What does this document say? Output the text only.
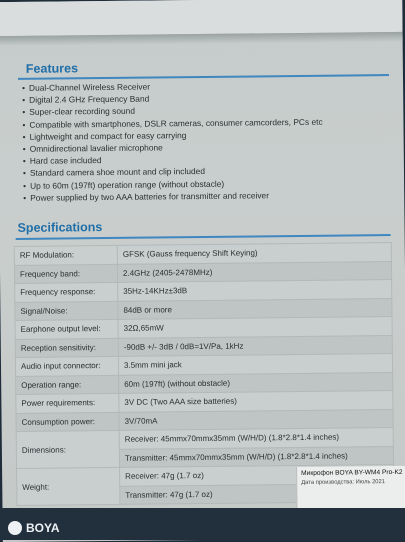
Features
• Dual-Channel Wireless Receiver
• Digital 2.4 GHz Frequency Band
• Super-clear recording sound
• Compatible with smartphones, DSLR cameras, consumer camcorders, PCs etc
• Lightweight and compact for easy carrying
• Omnidirectional lavalier microphone
• Hard case included
• Standard camera shoe mount and clip included
• Up to 60m (197ft) operation range (without obstacle)
• Power supplied by two AAA batteries for transmitter and receiver
Specifications
RF Modulation:	GFSK (Gauss frequency Shift Keying)
Frequency band:	2.4GHz (2405-2478MHz)
Frequency response:	35Hz-14KHz±3dB
Signal/Noise:	84dB or more
Earphone output level:	32Ω,65mW
Reception sensitivity:	-90dB +/- 3dB / 0dB=1V/Pa, 1kHz
Audio input connector:	3.5mm mini jack
Operation range:	60m (197ft) (without obstacle)
Power requirements:	3V DC (Two AAA size batteries)
Consumption power:	3V/70mA
Dimensions:	Receiver: 45mmx70mmx35mm (W/H/D) (1.8*2.8*1.4 inches)
	Transmitter: 45mmx70mmx35mm (W/H/D) (1.8*2.8*1.4 inches)
Weight:	Receiver: 47g (1.7 oz)
	Transmitter: 47g (1.7 oz)
Микрофон BOYA BY-WM4 Pro-K2
Дата производства: Июль 2021
BOYA
